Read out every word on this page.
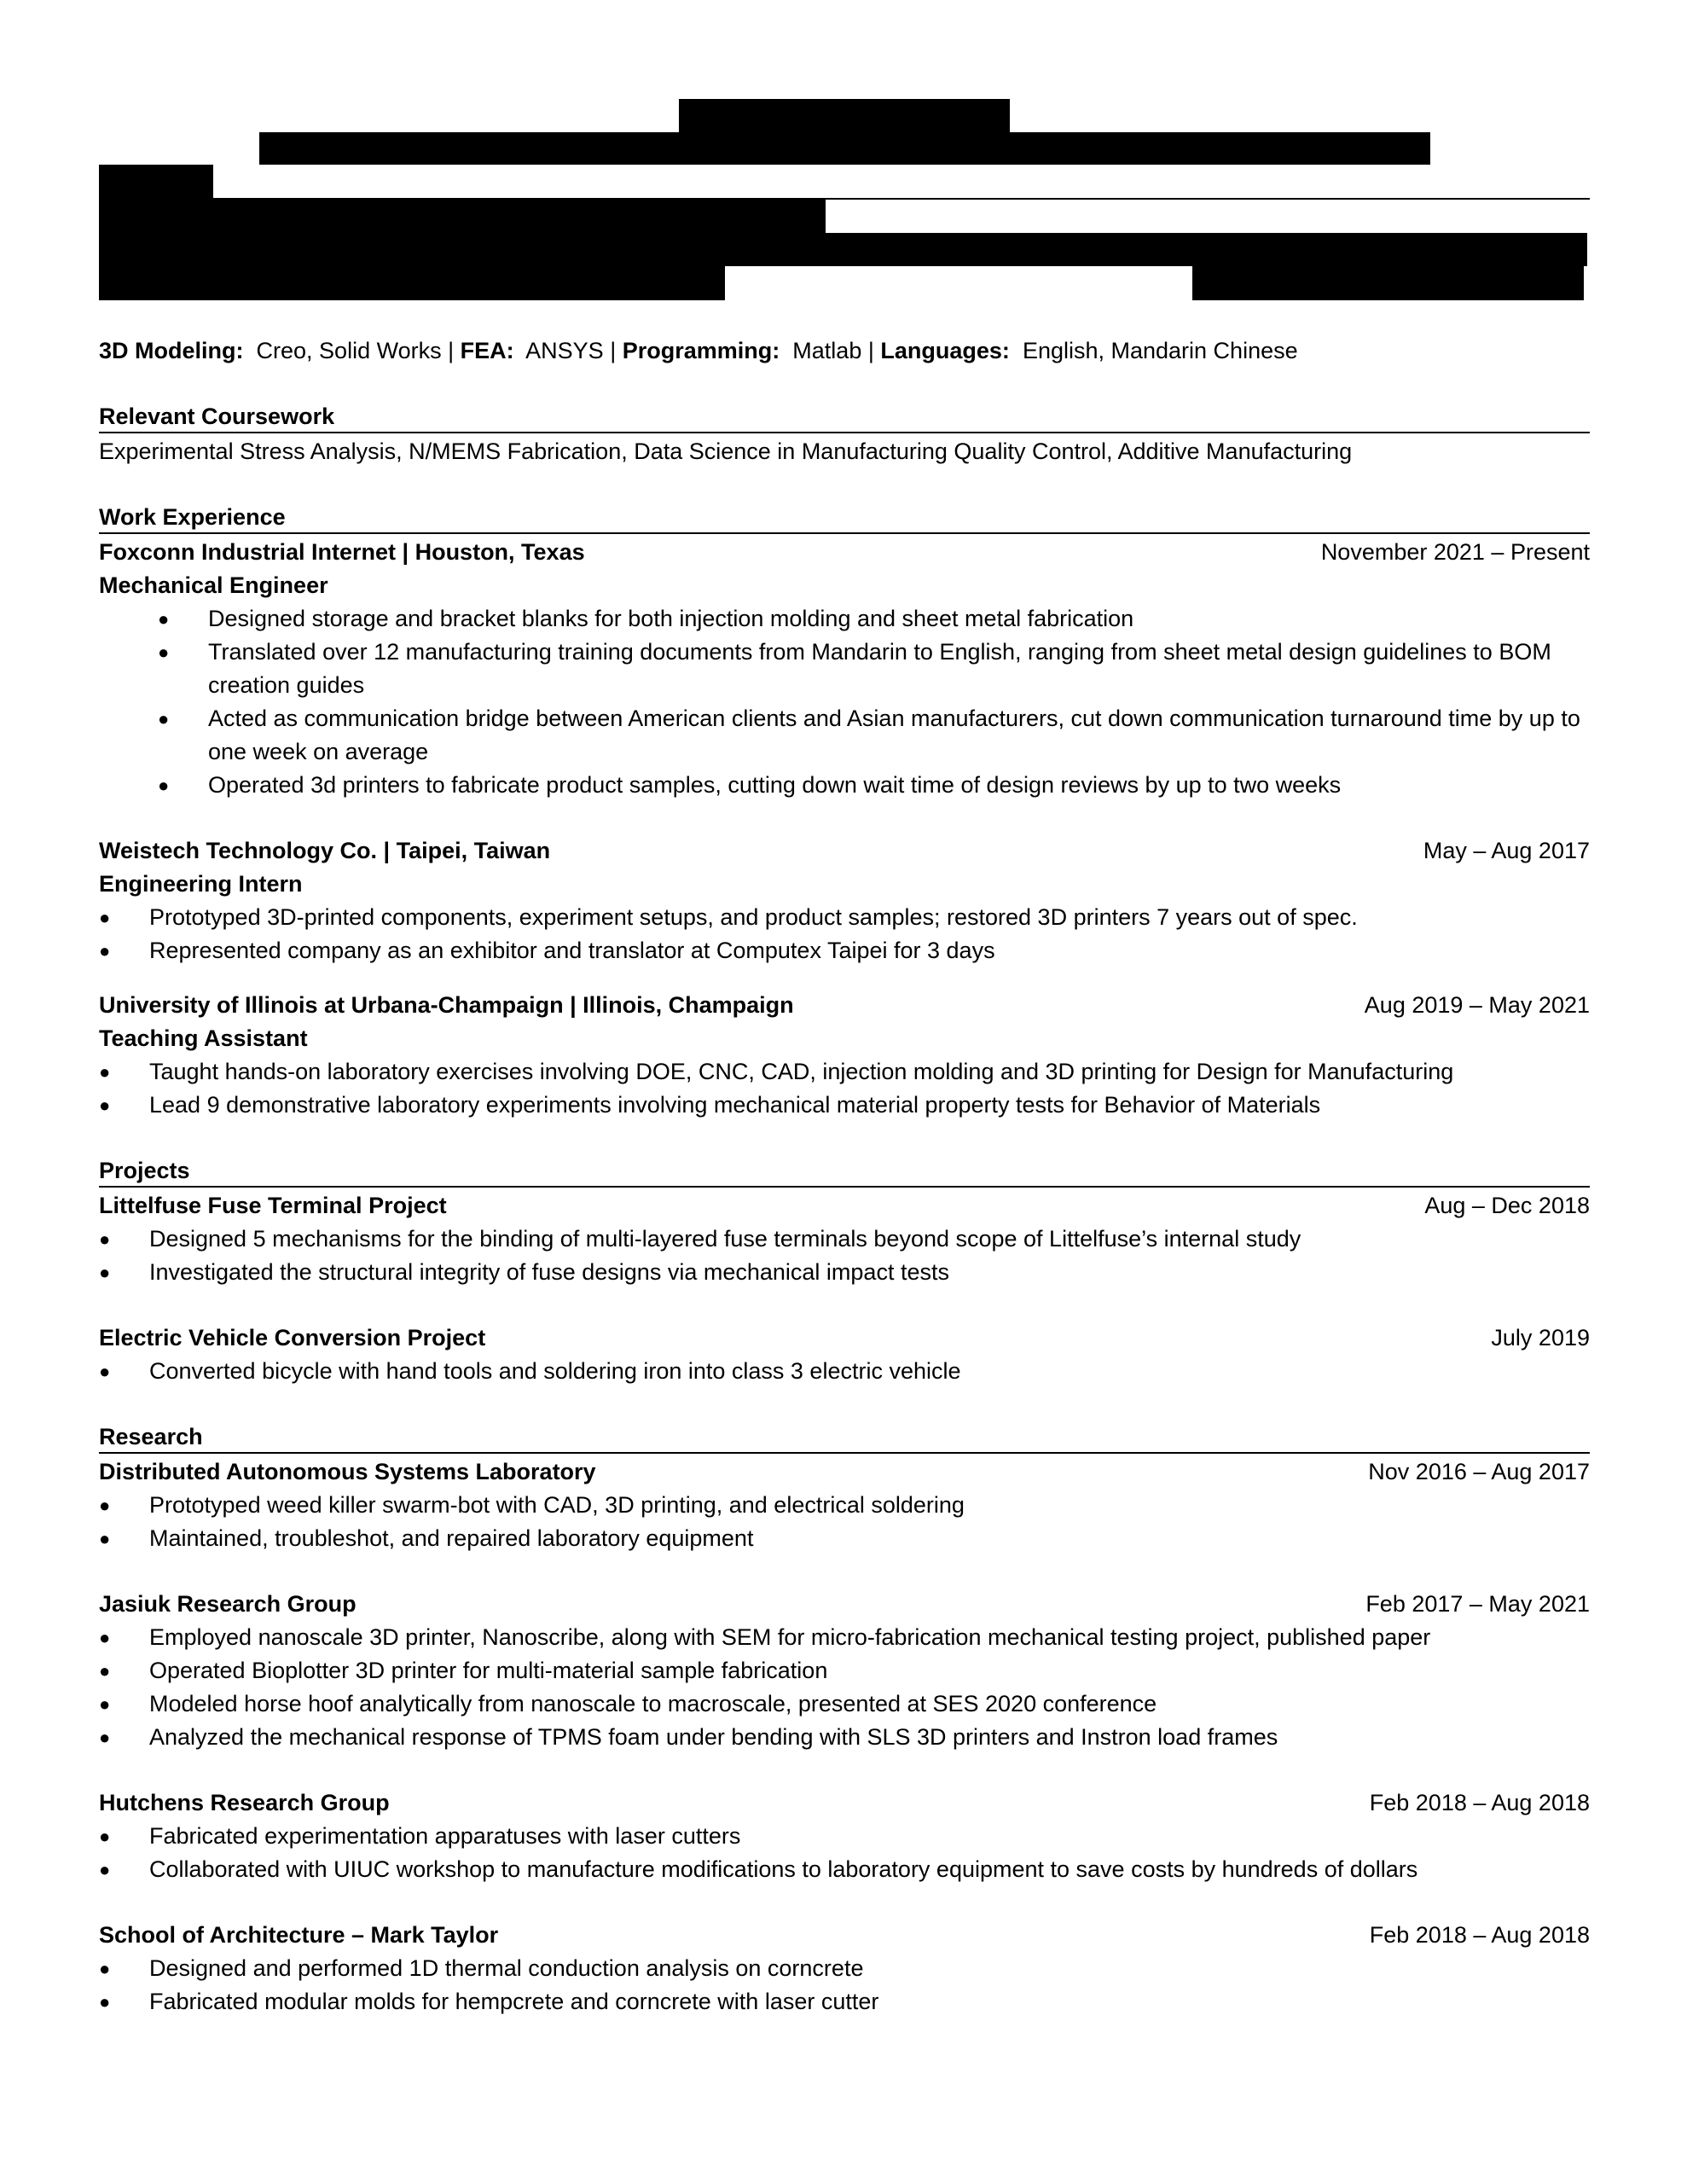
3D Modeling: Creo, Solid Works | FEA: ANSYS | Programming: Matlab | Languages: English, Mandarin Chinese
Relevant Coursework
Experimental Stress Analysis, N/MEMS Fabrication, Data Science in Manufacturing Quality Control, Additive Manufacturing
Work Experience
Foxconn Industrial Internet | Houston, Texas	November 2021 – Present
Mechanical Engineer
●	Designed storage and bracket blanks for both injection molding and sheet metal fabrication
●	Translated over 12 manufacturing training documents from Mandarin to English, ranging from sheet metal design guidelines to BOM creation guides
●	Acted as communication bridge between American clients and Asian manufacturers, cut down communication turnaround time by up to one week on average
●	Operated 3d printers to fabricate product samples, cutting down wait time of design reviews by up to two weeks
Weistech Technology Co. | Taipei, Taiwan	May – Aug 2017
Engineering Intern
●	Prototyped 3D-printed components, experiment setups, and product samples; restored 3D printers 7 years out of spec.
●	Represented company as an exhibitor and translator at Computex Taipei for 3 days
University of Illinois at Urbana-Champaign | Illinois, Champaign	Aug 2019 – May 2021
Teaching Assistant
●	Taught hands-on laboratory exercises involving DOE, CNC, CAD, injection molding and 3D printing for Design for Manufacturing
●	Lead 9 demonstrative laboratory experiments involving mechanical material property tests for Behavior of Materials
Projects
Littelfuse Fuse Terminal Project	Aug – Dec 2018
●	Designed 5 mechanisms for the binding of multi-layered fuse terminals beyond scope of Littelfuse’s internal study
●	Investigated the structural integrity of fuse designs via mechanical impact tests
Electric Vehicle Conversion Project	July 2019
●	Converted bicycle with hand tools and soldering iron into class 3 electric vehicle
Research
Distributed Autonomous Systems Laboratory	Nov 2016 – Aug 2017
●	Prototyped weed killer swarm-bot with CAD, 3D printing, and electrical soldering
●	Maintained, troubleshot, and repaired laboratory equipment
Jasiuk Research Group	Feb 2017 – May 2021
●	Employed nanoscale 3D printer, Nanoscribe, along with SEM for micro-fabrication mechanical testing project, published paper
●	Operated Bioplotter 3D printer for multi-material sample fabrication
●	Modeled horse hoof analytically from nanoscale to macroscale, presented at SES 2020 conference
●	Analyzed the mechanical response of TPMS foam under bending with SLS 3D printers and Instron load frames
Hutchens Research Group	Feb 2018 – Aug 2018
●	Fabricated experimentation apparatuses with laser cutters
●	Collaborated with UIUC workshop to manufacture modifications to laboratory equipment to save costs by hundreds of dollars
School of Architecture – Mark Taylor	Feb 2018 – Aug 2018
●	Designed and performed 1D thermal conduction analysis on corncrete
●	Fabricated modular molds for hempcrete and corncrete with laser cutter
